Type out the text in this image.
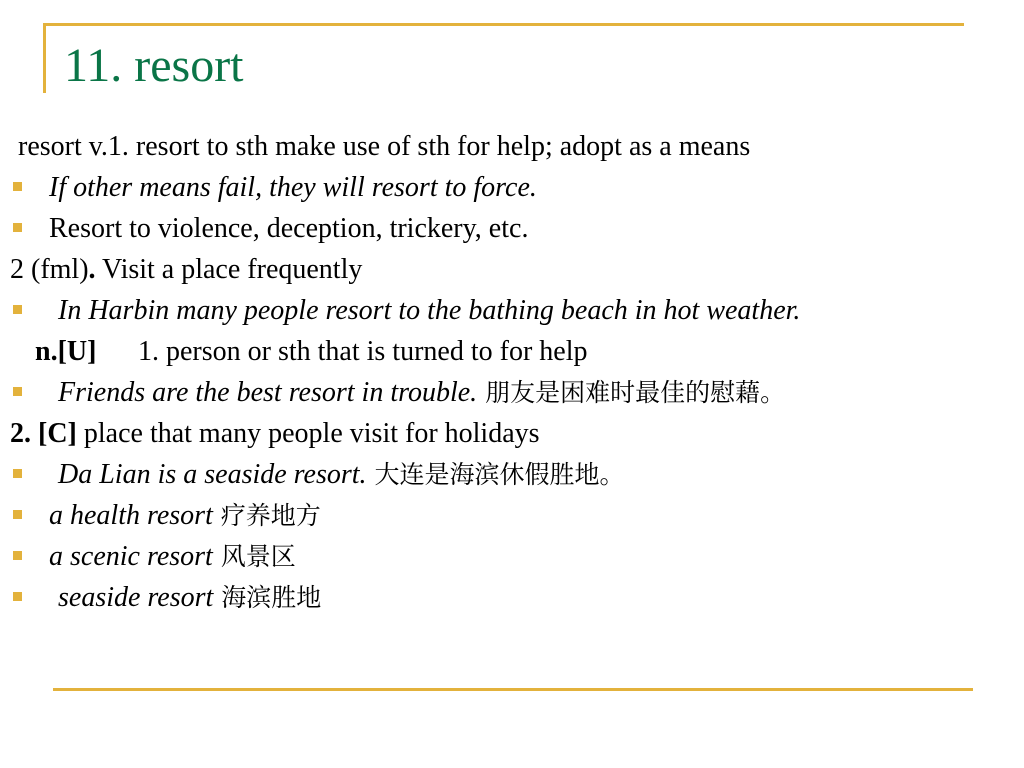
11. resort
resort v.1. resort to sth make use of sth for help; adopt as a means
If other means fail, they will resort to force.
Resort to violence, deception, trickery, etc.
2 (fml). Visit a place frequently
In Harbin many people resort to the bathing beach in hot weather.
n.[U] 1. person or sth that is turned to for help
Friends are the best resort in trouble. 朋友是困难时最佳的慰藉。
2. [C] place that many people visit for holidays
Da Lian is a seaside resort. 大连是海滨休假胜地。
a health resort 疗养地方
a scenic resort 风景区
seaside resort 海滨胜地
